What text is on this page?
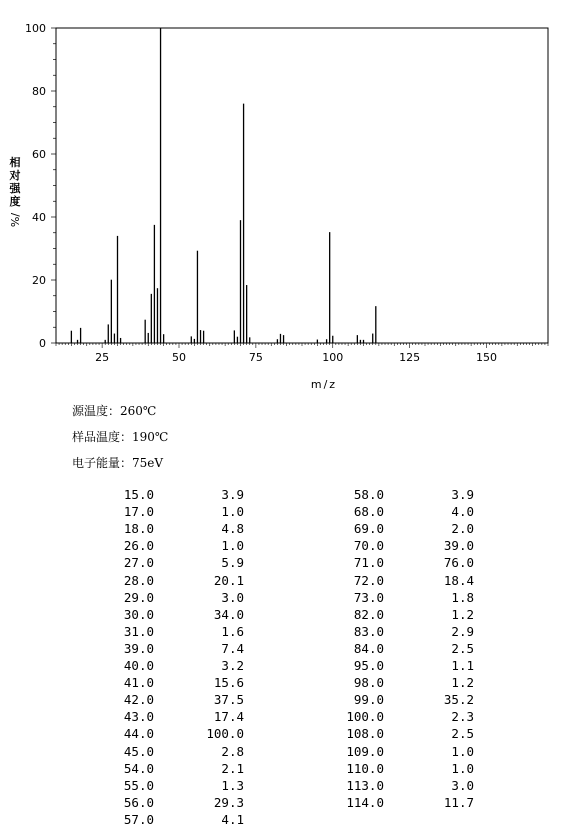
25	50	75	100	125	150
0
20
40
60
80
100
m/z
相
对
强
度
%/
源温度：260℃
样品温度：190℃
电子能量：75eV
15.0	3.9
17.0	1.0
18.0	4.8
26.0	1.0
27.0	5.9
28.0	20.1
29.0	3.0
30.0	34.0
31.0	1.6
39.0	7.4
40.0	3.2
41.0	15.6
42.0	37.5
43.0	17.4
44.0	100.0
45.0	2.8
54.0	2.1
55.0	1.3
56.0	29.3
57.0	4.1
58.0	3.9
68.0	4.0
69.0	2.0
70.0	39.0
71.0	76.0
72.0	18.4
73.0	1.8
82.0	1.2
83.0	2.9
84.0	2.5
95.0	1.1
98.0	1.2
99.0	35.2
100.0	2.3
108.0	2.5
109.0	1.0
110.0	1.0
113.0	3.0
114.0	11.7
